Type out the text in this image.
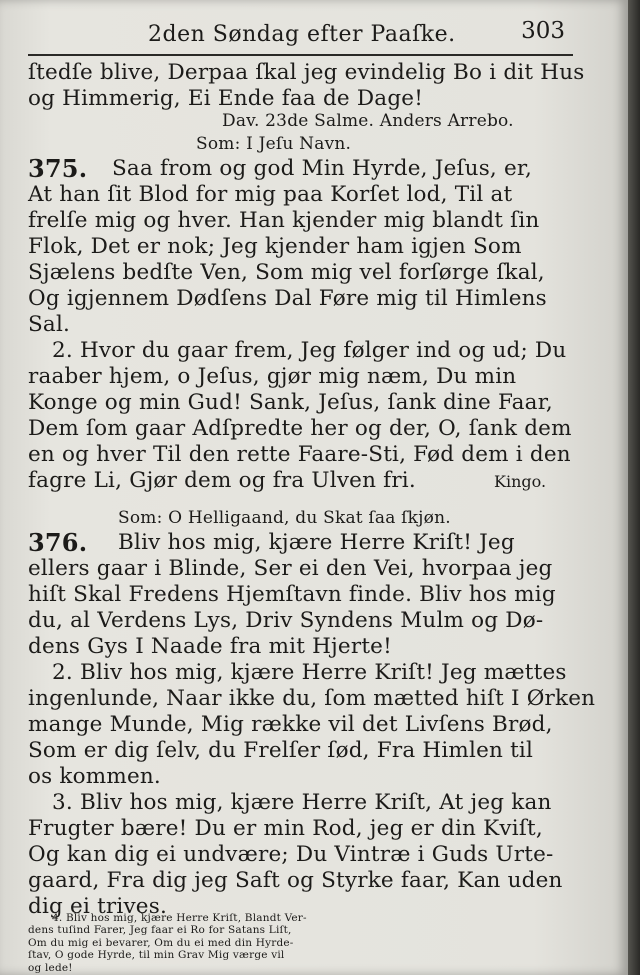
2den Søndag efter Paaſke.	303
ſtedſe blive, Derpaa ſkal jeg evindelig Bo i dit Hus
og Himmerig, Ei Ende faa de Dage!
Dav. 23de Salme. Anders Arrebo.
Som: I Jeſu Navn.
375. Saa from og god Min Hyrde, Jeſus, er,
At han ſit Blod for mig paa Korſet lod, Til at
frelſe mig og hver. Han kjender mig blandt ſin
Flok, Det er nok; Jeg kjender ham igjen Som
Sjælens bedſte Ven, Som mig vel forſørge ſkal,
Og igjennem Dødſens Dal Føre mig til Himlens
Sal.
2. Hvor du gaar frem, Jeg følger ind og ud; Du
raaber hjem, o Jeſus, gjør mig næm, Du min
Konge og min Gud! Sank, Jeſus, ſank dine Faar,
Dem ſom gaar Adſpredte her og der, O, ſank dem
en og hver Til den rette Faare-Sti, Fød dem i den
fagre Li, Gjør dem og fra Ulven fri.	Kingo.
Som: O Helligaand, du Skat ſaa ſkjøn.
376. Bliv hos mig, kjære Herre Kriſt! Jeg
ellers gaar i Blinde, Ser ei den Vei, hvorpaa jeg
hiſt Skal Fredens Hjemſtavn finde. Bliv hos mig
du, al Verdens Lys, Driv Syndens Mulm og Dø-
dens Gys I Naade fra mit Hjerte!
2. Bliv hos mig, kjære Herre Kriſt! Jeg mættes
ingenlunde, Naar ikke du, ſom mætted hiſt I Ørken
mange Munde, Mig række vil det Livſens Brød,
Som er dig ſelv, du Frelſer ſød, Fra Himlen til
os kommen.
3. Bliv hos mig, kjære Herre Kriſt, At jeg kan
Frugter bære! Du er min Rod, jeg er din Kviſt,
Og kan dig ei undvære; Du Vintræ i Guds Urte-
gaard, Fra dig jeg Saft og Styrke faar, Kan uden
dig ei trives.
4. Bliv hos mig, kjære Herre Kriſt, Blandt Ver-
dens tuſind Farer, Jeg faar ei Ro for Satans Liſt,
Om du mig ei bevarer, Om du ei med din Hyrde-
ſtav, O gode Hyrde, til min Grav Mig værge vil
og lede!
